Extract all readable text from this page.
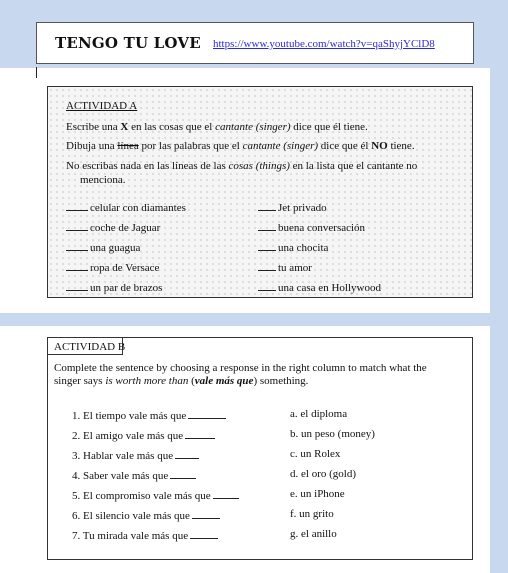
TENGO TU LOVE https://www.youtube.com/watch?v=qaShyjYClD8
ACTIVIDAD A
Escribe una X en las cosas que el cantante (singer) dice que él tiene.
Dibuja una línea por las palabras que el cantante (singer) dice que él NO tiene.
No escribas nada en las líneas de las cosas (things) en la lista que el cantante no
menciona.
celular con diamantes
coche de Jaguar
una guagua
ropa de Versace
un par de brazos
Jet privado
buena conversación
una chocita
tu amor
una casa en Hollywood
ACTIVIDAD B
Complete the sentence by choosing a response in the right column to match what the
singer says is worth more than (vale más que) something.
1. El tiempo vale más que
2. El amigo vale más que
3. Hablar vale más que
4. Saber vale más que
5. El compromiso vale más que
6. El silencio vale más que
7. Tu mirada vale más que
a. el diploma
b. un peso (money)
c. un Rolex
d. el oro (gold)
e. un iPhone
f. un grito
g. el anillo
